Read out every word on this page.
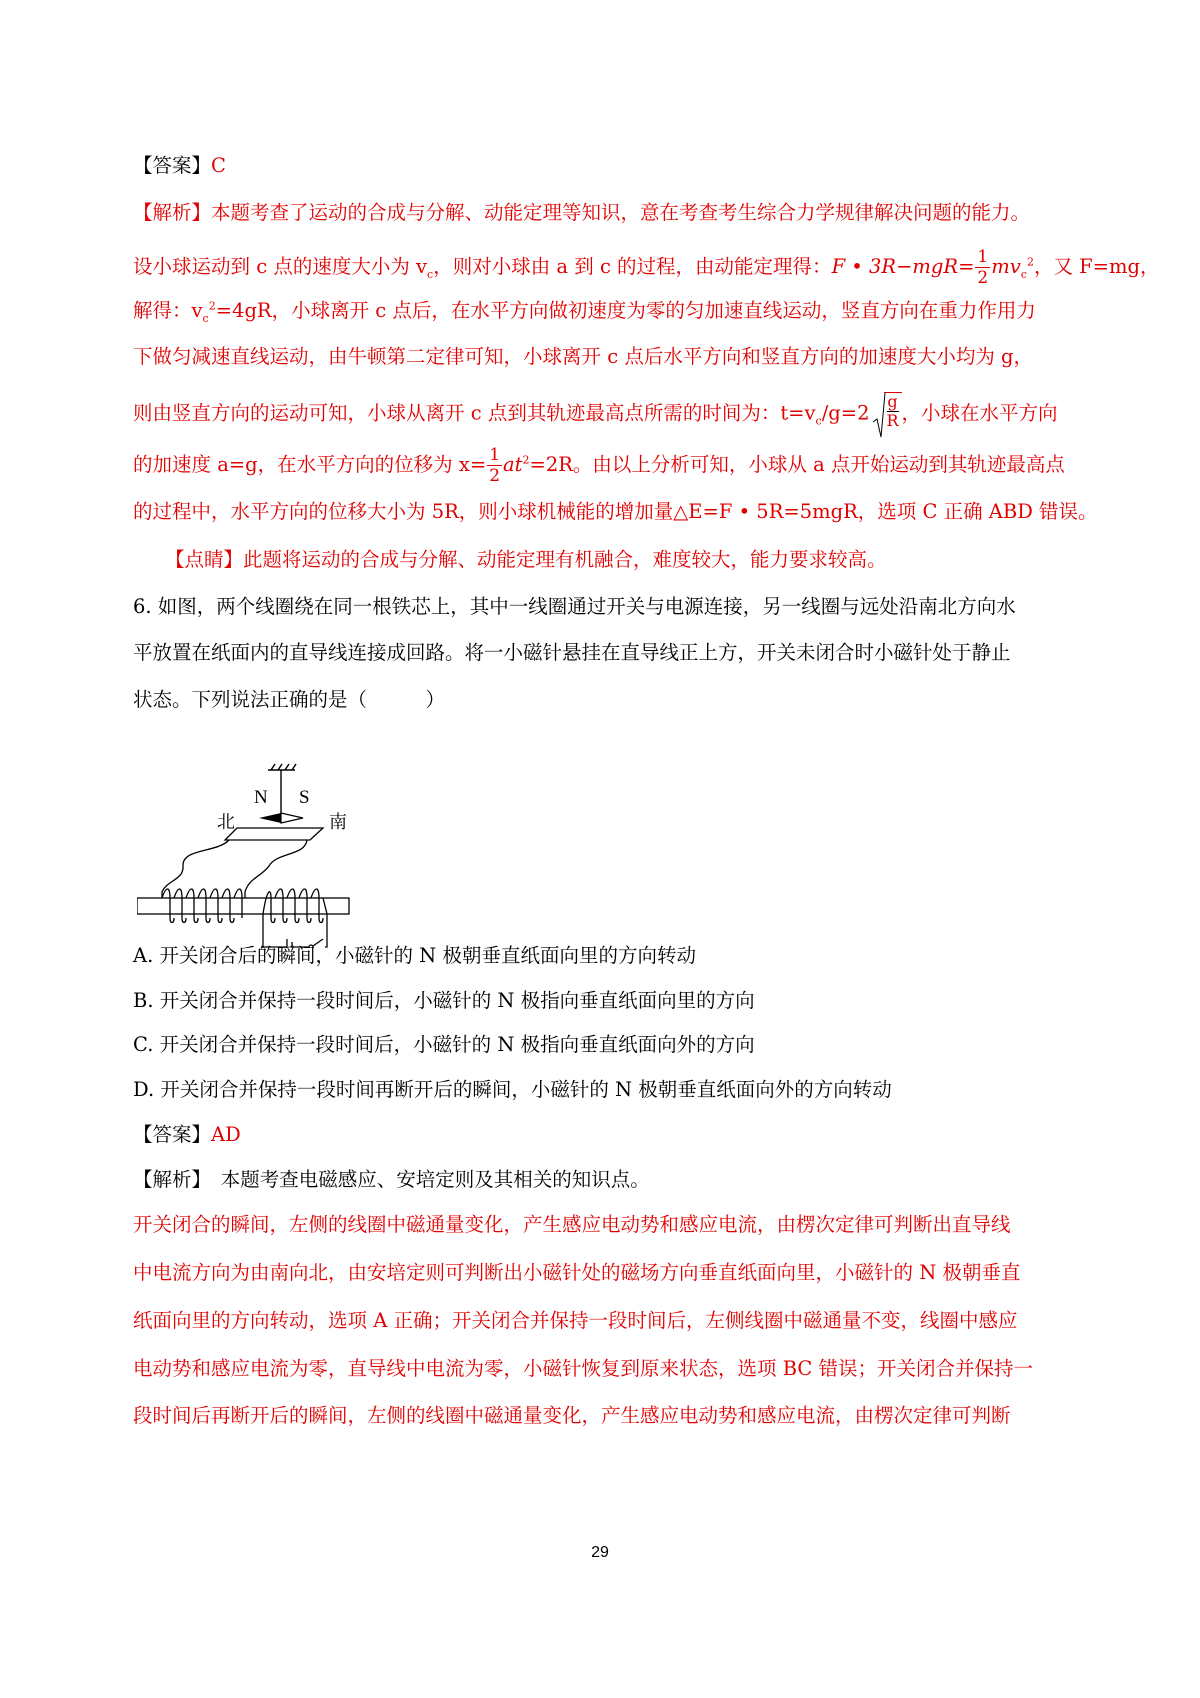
【答案】C
【解析】本题考查了运动的合成与分解、动能定理等知识，意在考查考生综合力学规律解决问题的能力。
设小球运动到 c 点的速度大小为 $v_c$，则对小球由 a 到 c 的过程，由动能定理得：F • $3R-mgR= \frac{1}{2} mv_c^2$，又 F=mg，
解得：$v_c^2=4gR$，小球离开 c 点后，在水平方向做初速度为零的匀加速直线运动，竖直方向在重力作用力
下做匀减速直线运动，由牛顿第二定律可知，小球离开 c 点后水平方向和竖直方向的加速度大小均为 g，
则由竖直方向的运动可知，小球从离开 c 点到其轨迹最高点所需的时间为：$t=v_c/g=2 \frac{g}{R}$ ，小球在水平方向
的加速度 a=g，在水平方向的位移为 $x= \frac{1}{2} at^2=2R$。由以上分析可知，小球从 a 点开始运动到其轨迹最高点
的过程中，水平方向的位移大小为 5R，则小球机械能的增加量△E=F • 5R=5mgR，选项 C 正确 ABD 错误。
【点睛】此题将运动的合成与分解、动能定理有机融合，难度较大，能力要求较高。
6. 如图，两个线圈绕在同一根铁芯上，其中一线圈通过开关与电源连接，另一线圈与远处沿南北方向水
平放置在纸面内的直导线连接成回路。将一小磁针悬挂在直导线正上方，开关未闭合时小磁针处于静止
状态。下列说法正确的是（　　　）
N S
北	南
A. 开关闭合后的瞬间，小磁针的 N 极朝垂直纸面向里的方向转动
B. 开关闭合并保持一段时间后，小磁针的 N 极指向垂直纸面向里的方向
C. 开关闭合并保持一段时间后，小磁针的 N 极指向垂直纸面向外的方向
D. 开关闭合并保持一段时间再断开后的瞬间，小磁针的 N 极朝垂直纸面向外的方向转动
【答案】AD
【解析】　本题考查电磁感应、安培定则及其相关的知识点。
开关闭合的瞬间，左侧的线圈中磁通量变化，产生感应电动势和感应电流，由楞次定律可判断出直导线
中电流方向为由南向北，由安培定则可判断出小磁针处的磁场方向垂直纸面向里，小磁针的 N 极朝垂直
纸面向里的方向转动，选项 A 正确；开关闭合并保持一段时间后，左侧线圈中磁通量不变，线圈中感应
电动势和感应电流为零，直导线中电流为零，小磁针恢复到原来状态，选项 BC 错误；开关闭合并保持一
段时间后再断开后的瞬间，左侧的线圈中磁通量变化，产生感应电动势和感应电流，由楞次定律可判断
29
